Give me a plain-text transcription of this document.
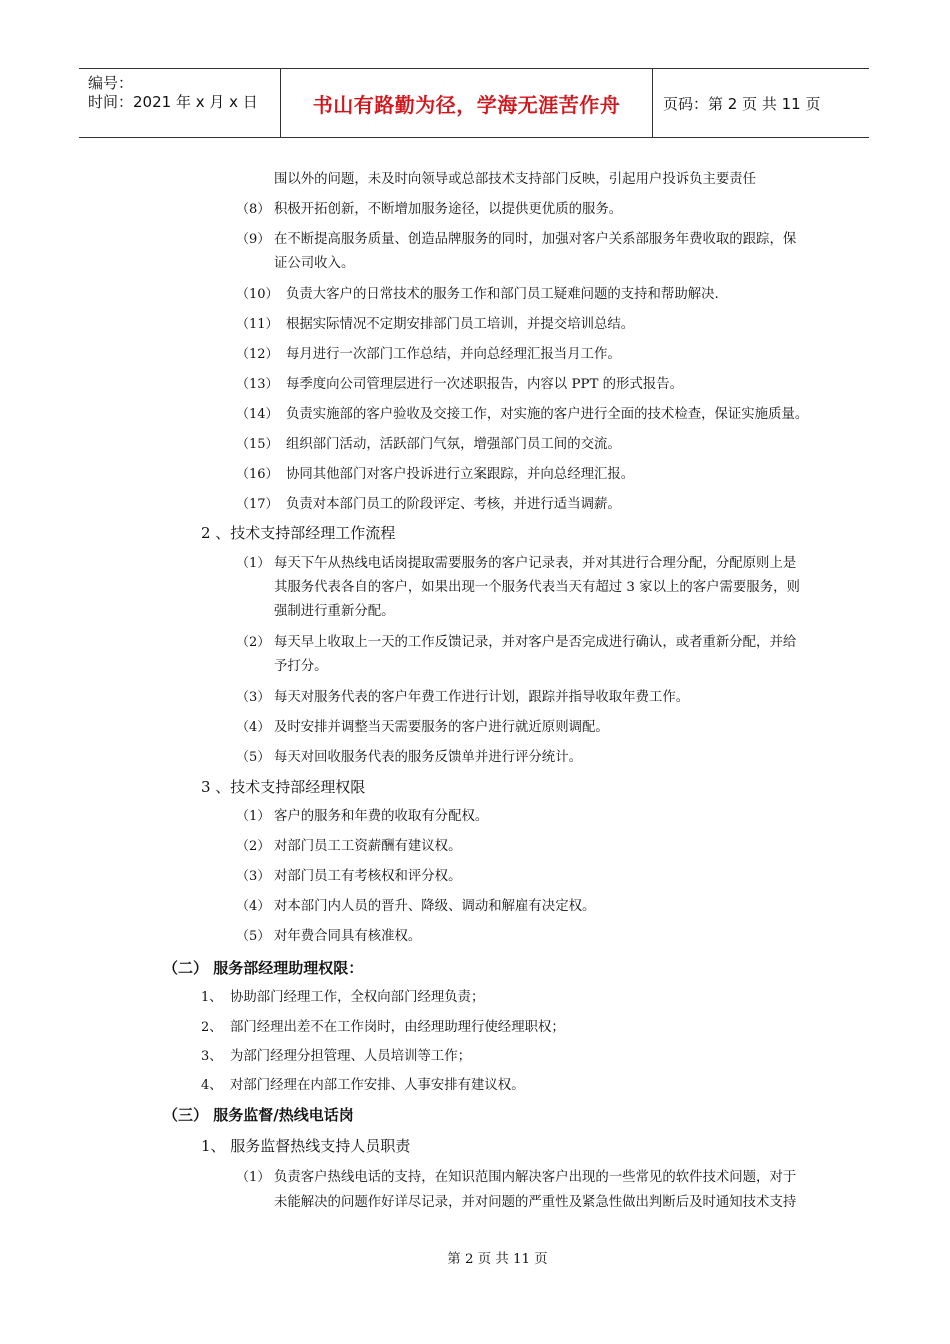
编号：
时间：2021 年 x 月 x 日	书山有路勤为径，学海无涯苦作舟	页码：第 2 页 共 11 页
围以外的问题，未及时向领导或总部技术支持部门反映，引起用户投诉负主要责任
（8） 积极开拓创新，不断增加服务途径，以提供更优质的服务。
（9） 在不断提高服务质量、创造品牌服务的同时，加强对客户关系部服务年费收取的跟踪，保
证公司收入。
（10） 负责大客户的日常技术的服务工作和部门员工疑难问题的支持和帮助解决.
（11） 根据实际情况不定期安排部门员工培训，并提交培训总结。
（12） 每月进行一次部门工作总结，并向总经理汇报当月工作。
（13） 每季度向公司管理层进行一次述职报告，内容以 PPT 的形式报告。
（14） 负责实施部的客户验收及交接工作，对实施的客户进行全面的技术检查，保证实施质量。
（15） 组织部门活动，活跃部门气氛，增强部门员工间的交流。
（16） 协同其他部门对客户投诉进行立案跟踪，并向总经理汇报。
（17） 负责对本部门员工的阶段评定、考核，并进行适当调薪。
2 、技术支持部经理工作流程
（1） 每天下午从热线电话岗提取需要服务的客户记录表，并对其进行合理分配，分配原则上是
其服务代表各自的客户，如果出现一个服务代表当天有超过 3 家以上的客户需要服务，则
强制进行重新分配。
（2） 每天早上收取上一天的工作反馈记录，并对客户是否完成进行确认，或者重新分配，并给
予打分。
（3） 每天对服务代表的客户年费工作进行计划，跟踪并指导收取年费工作。
（4） 及时安排并调整当天需要服务的客户进行就近原则调配。
（5） 每天对回收服务代表的服务反馈单并进行评分统计。
3 、技术支持部经理权限
（1） 客户的服务和年费的收取有分配权。
（2） 对部门员工工资薪酬有建议权。
（3） 对部门员工有考核权和评分权。
（4） 对本部门内人员的晋升、降级、调动和解雇有决定权。
（5） 对年费合同具有核准权。
（二） 服务部经理助理权限：
1、 协助部门经理工作，全权向部门经理负责；
2、 部门经理出差不在工作岗时，由经理助理行使经理职权；
3、 为部门经理分担管理、人员培训等工作；
4、 对部门经理在内部工作安排、人事安排有建议权。
（三） 服务监督/热线电话岗
1、 服务监督热线支持人员职责
（1） 负责客户热线电话的支持，在知识范围内解决客户出现的一些常见的软件技术问题，对于
未能解决的问题作好详尽记录，并对问题的严重性及紧急性做出判断后及时通知技术支持
第 2 页 共 11 页
